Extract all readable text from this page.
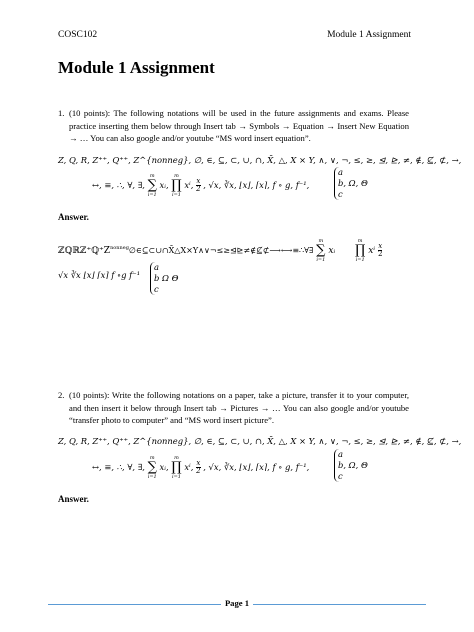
COSC102	Module 1 Assignment
Module 1 Assignment
1. (10 points): The following notations will be used in the future assignments and exams. Please practice inserting them below through Insert tab → Symbols → Equation → Insert New Equation → … You can also google and/or youtube “MS word insert equation”.
Z, Q, R, Z⁺⁺, Q⁺⁺, Z^{nonneg}, ∅, ∈, ⊆, ⊂, ∪, ∩, X̄, △, X × Y, ∧, ∨, ¬, ≤, ≥, ⊴, ⊵, ≠, ∉, ⊈, ⊄, →,
↔, ≡, ∴, ∀, ∃,
m
∑
i=1
xᵢ,
m
∏
i=1
xⁱ, $\frac{x}{2}$ , √x, ∛x, ⌊x⌋, ⌈x⌉, f ∘ g, f⁻¹,
a
b, Ω, Θ
c
Answer.
$ℤℚℝℤ^+ℚ^+Z^{nonneg}\emptyset\in⊆\subset\cup\cap X̄\triangle X\times Y\wedge\vee\neg\le\ge⊴⊵\ne\notin⊈⊄⟶⟷\equiv\therefore\forall\exists$
m
∑
i=1
xᵢ
m
∏
i=1
xⁱ $\frac{x}{2}$
√x ∛x ⌊x⌋ ⌈x⌉ f ∘g f⁻¹
a
b Ω Θ
c
2. (10 points): Write the following notations on a paper, take a picture, transfer it to your computer, and then insert it below through Insert tab → Pictures → … You can also google and/or youtube “transfer photo to computer” and “MS word insert picture”.
Z, Q, R, Z⁺⁺, Q⁺⁺, Z^{nonneg}, ∅, ∈, ⊆, ⊂, ∪, ∩, X̄, △, X × Y, ∧, ∨, ¬, ≤, ≥, ⊴, ⊵, ≠, ∉, ⊈, ⊄, →,
↔, ≡, ∴, ∀, ∃,
m
∑
i=1
xᵢ,
m
∏
i=1
xⁱ, $\frac{x}{2}$ , √x, ∛x, ⌊x⌋, ⌈x⌉, f ∘ g, f⁻¹,
a
b, Ω, Θ
c
Answer.
Page 1
